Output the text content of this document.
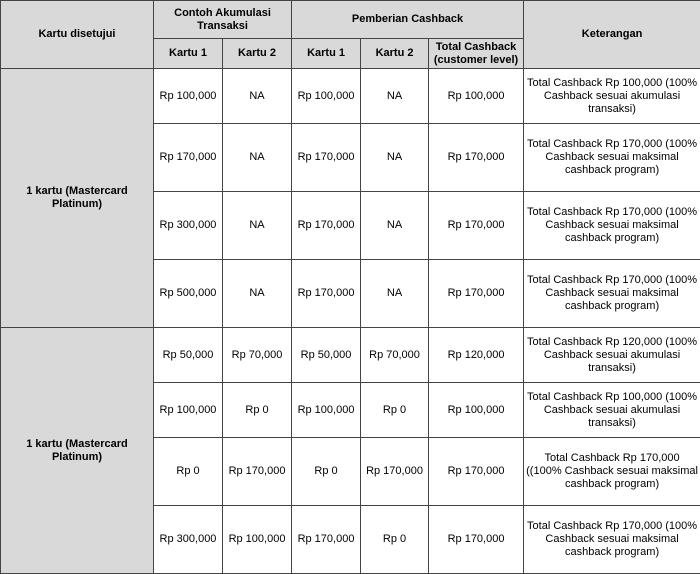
Kartu disetujui	Contoh Akumulasi Transaksi		Pemberian Cashback			Keterangan
	Kartu 1	Kartu 2	Kartu 1	Kartu 2	Total Cashback (customer level)	
1 kartu (Mastercard Platinum)	Rp 100,000	NA	Rp 100,000	NA	Rp 100,000	Total Cashback Rp 100,000 (100% Cashback sesuai akumulasi transaksi)
	Rp 170,000	NA	Rp 170,000	NA	Rp 170,000	Total Cashback Rp 170,000 (100% Cashback sesuai maksimal cashback program)
	Rp 300,000	NA	Rp 170,000	NA	Rp 170,000	Total Cashback Rp 170,000 (100% Cashback sesuai maksimal cashback program)
	Rp 500,000	NA	Rp 170,000	NA	Rp 170,000	Total Cashback Rp 170,000 (100% Cashback sesuai maksimal cashback program)
1 kartu (Mastercard Platinum)	Rp 50,000	Rp 70,000	Rp 50,000	Rp 70,000	Rp 120,000	Total Cashback Rp 120,000 (100% Cashback sesuai akumulasi transaksi)
	Rp 100,000	Rp 0	Rp 100,000	Rp 0	Rp 100,000	Total Cashback Rp 100,000 (100% Cashback sesuai akumulasi transaksi)
	Rp 0	Rp 170,000	Rp 0	Rp 170,000	Rp 170,000	Total Cashback Rp 170,000 ((100% Cashback sesuai maksimal cashback program)
	Rp 300,000	Rp 100,000	Rp 170,000	Rp 0	Rp 170,000	Total Cashback Rp 170,000 (100% Cashback sesuai maksimal cashback program)
